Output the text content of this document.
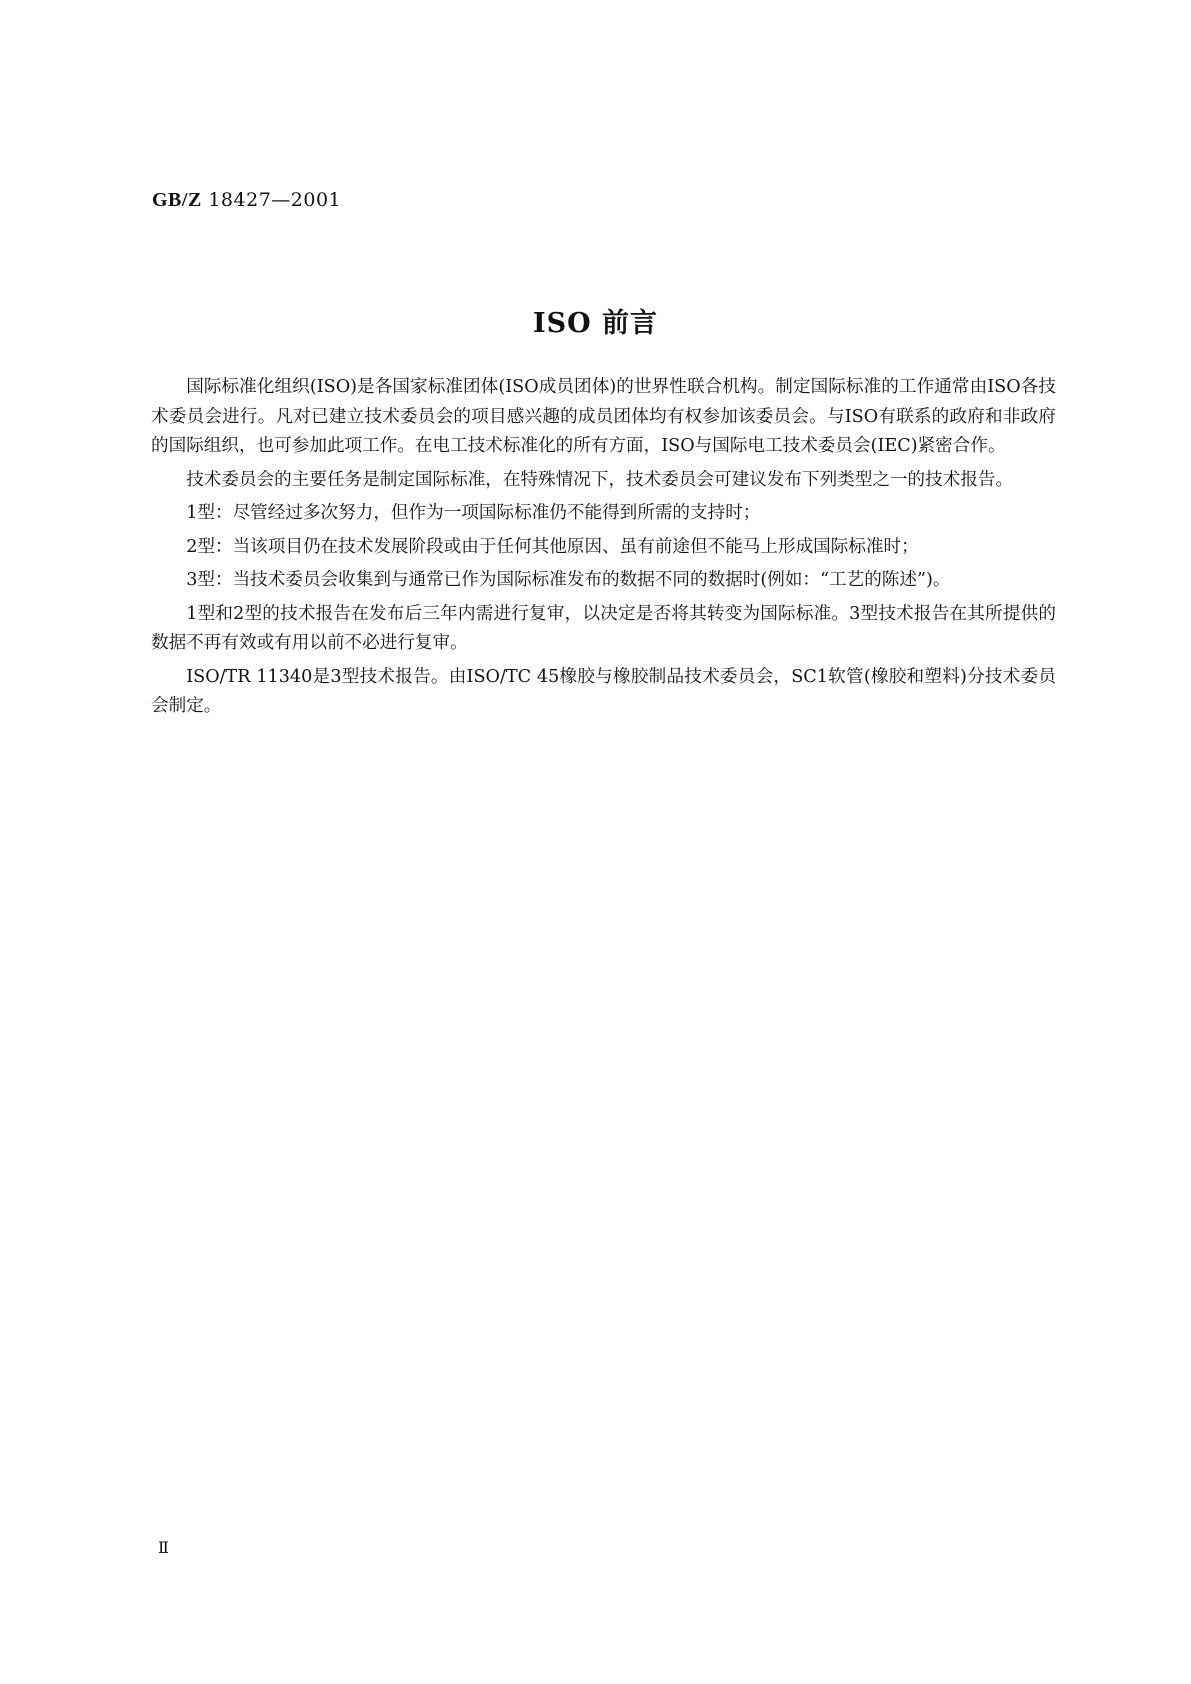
GB/Z 18427—2001
ISO 前言

国际标准化组织(ISO)是各国家标准团体(ISO成员团体)的世界性联合机构。制定国际标准的工作通常由ISO各技术委员会进行。凡对已建立技术委员会的项目感兴趣的成员团体均有权参加该委员会。与ISO有联系的政府和非政府的国际组织，也可参加此项工作。在电工技术标准化的所有方面，ISO与国际电工技术委员会(IEC)紧密合作。

技术委员会的主要任务是制定国际标准，在特殊情况下，技术委员会可建议发布下列类型之一的技术报告。

1型：尽管经过多次努力，但作为一项国际标准仍不能得到所需的支持时；

2型：当该项目仍在技术发展阶段或由于任何其他原因、虽有前途但不能马上形成国际标准时；

3型：当技术委员会收集到与通常已作为国际标准发布的数据不同的数据时(例如：“工艺的陈述”)。

1型和2型的技术报告在发布后三年内需进行复审，以决定是否将其转变为国际标准。3型技术报告在其所提供的数据不再有效或有用以前不必进行复审。

ISO/TR 11340是3型技术报告。由ISO/TC 45橡胶与橡胶制品技术委员会，SC1软管(橡胶和塑料)分技术委员会制定。

Ⅱ
